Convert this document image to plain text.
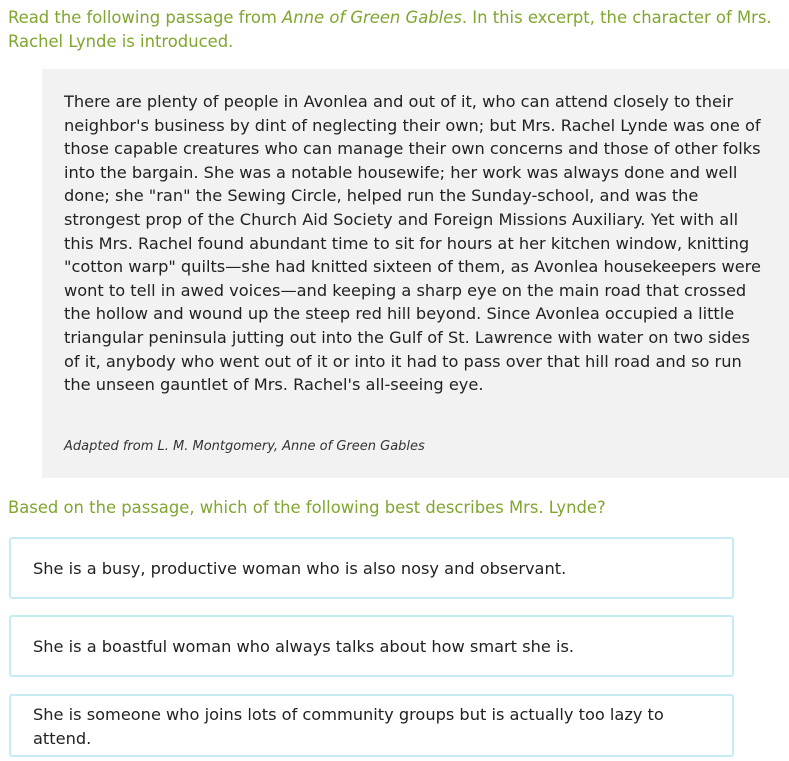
Read the following passage from Anne of Green Gables. In this excerpt, the character of Mrs. Rachel Lynde is introduced.

There are plenty of people in Avonlea and out of it, who can attend closely to their neighbor's business by dint of neglecting their own; but Mrs. Rachel Lynde was one of those capable creatures who can manage their own concerns and those of other folks into the bargain. She was a notable housewife; her work was always done and well done; she "ran" the Sewing Circle, helped run the Sunday-school, and was the strongest prop of the Church Aid Society and Foreign Missions Auxiliary. Yet with all this Mrs. Rachel found abundant time to sit for hours at her kitchen window, knitting "cotton warp" quilts—she had knitted sixteen of them, as Avonlea housekeepers were wont to tell in awed voices—and keeping a sharp eye on the main road that crossed the hollow and wound up the steep red hill beyond. Since Avonlea occupied a little triangular peninsula jutting out into the Gulf of St. Lawrence with water on two sides of it, anybody who went out of it or into it had to pass over that hill road and so run the unseen gauntlet of Mrs. Rachel's all-seeing eye.

Adapted from L. M. Montgomery, Anne of Green Gables

Based on the passage, which of the following best describes Mrs. Lynde?

She is a busy, productive woman who is also nosy and observant.
She is a boastful woman who always talks about how smart she is.
She is someone who joins lots of community groups but is actually too lazy to attend.
